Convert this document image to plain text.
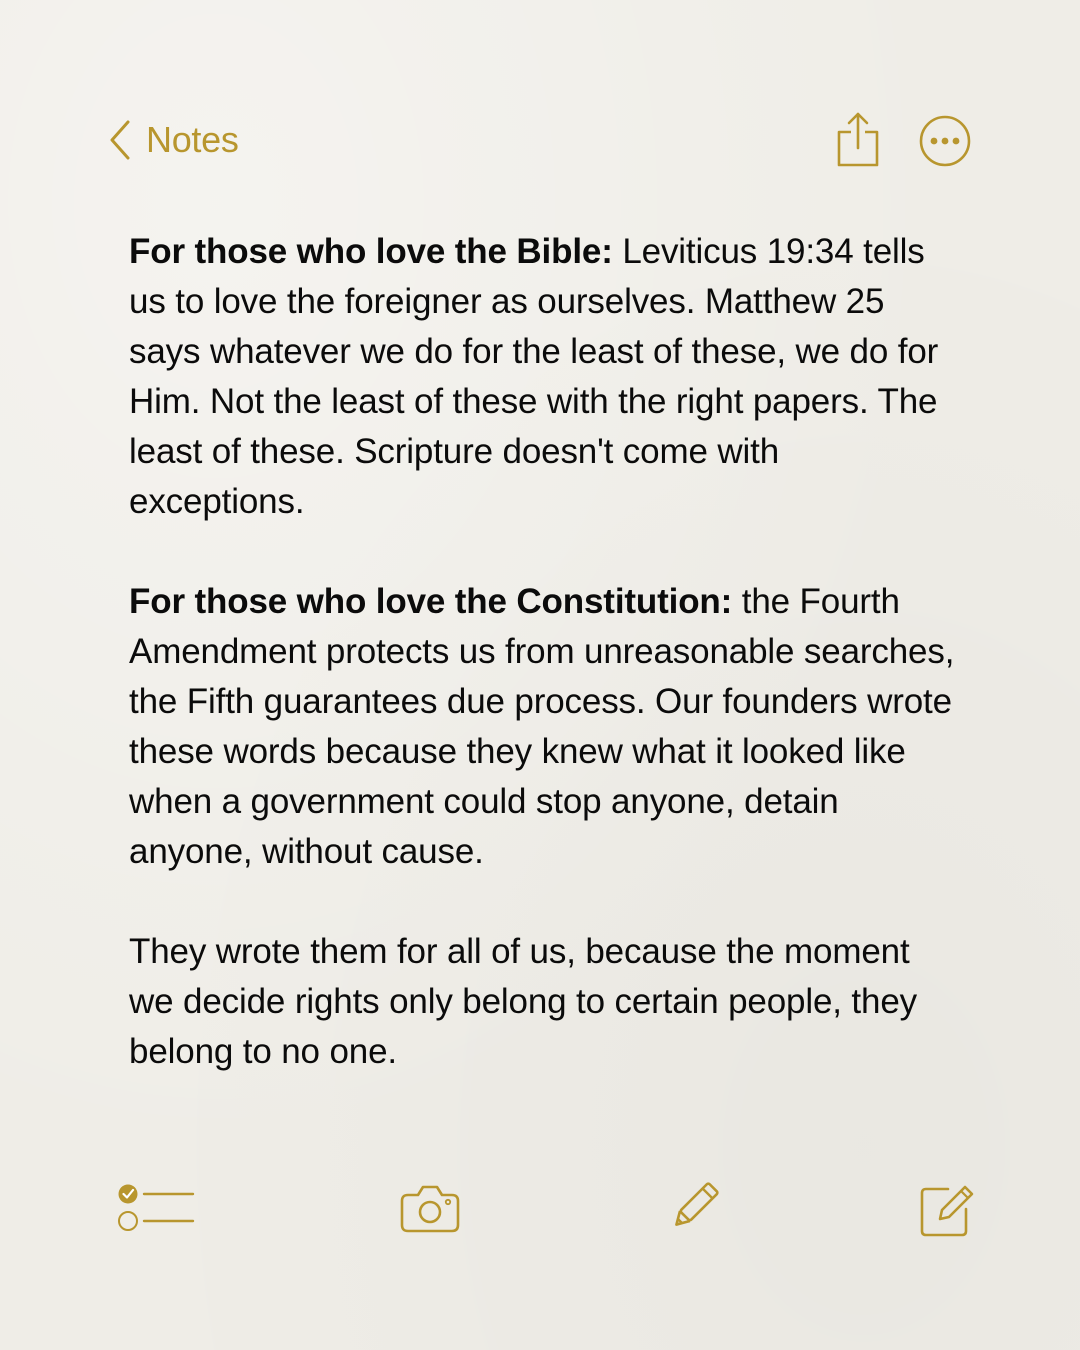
Notes

For those who love the Bible: Leviticus 19:34 tells us to love the foreigner as ourselves. Matthew 25 says whatever we do for the least of these, we do for Him. Not the least of these with the right papers. The least of these. Scripture doesn't come with exceptions.

For those who love the Constitution: the Fourth Amendment protects us from unreasonable searches, the Fifth guarantees due process. Our founders wrote these words because they knew what it looked like when a government could stop anyone, detain anyone, without cause.

They wrote them for all of us, because the moment we decide rights only belong to certain people, they belong to no one.
